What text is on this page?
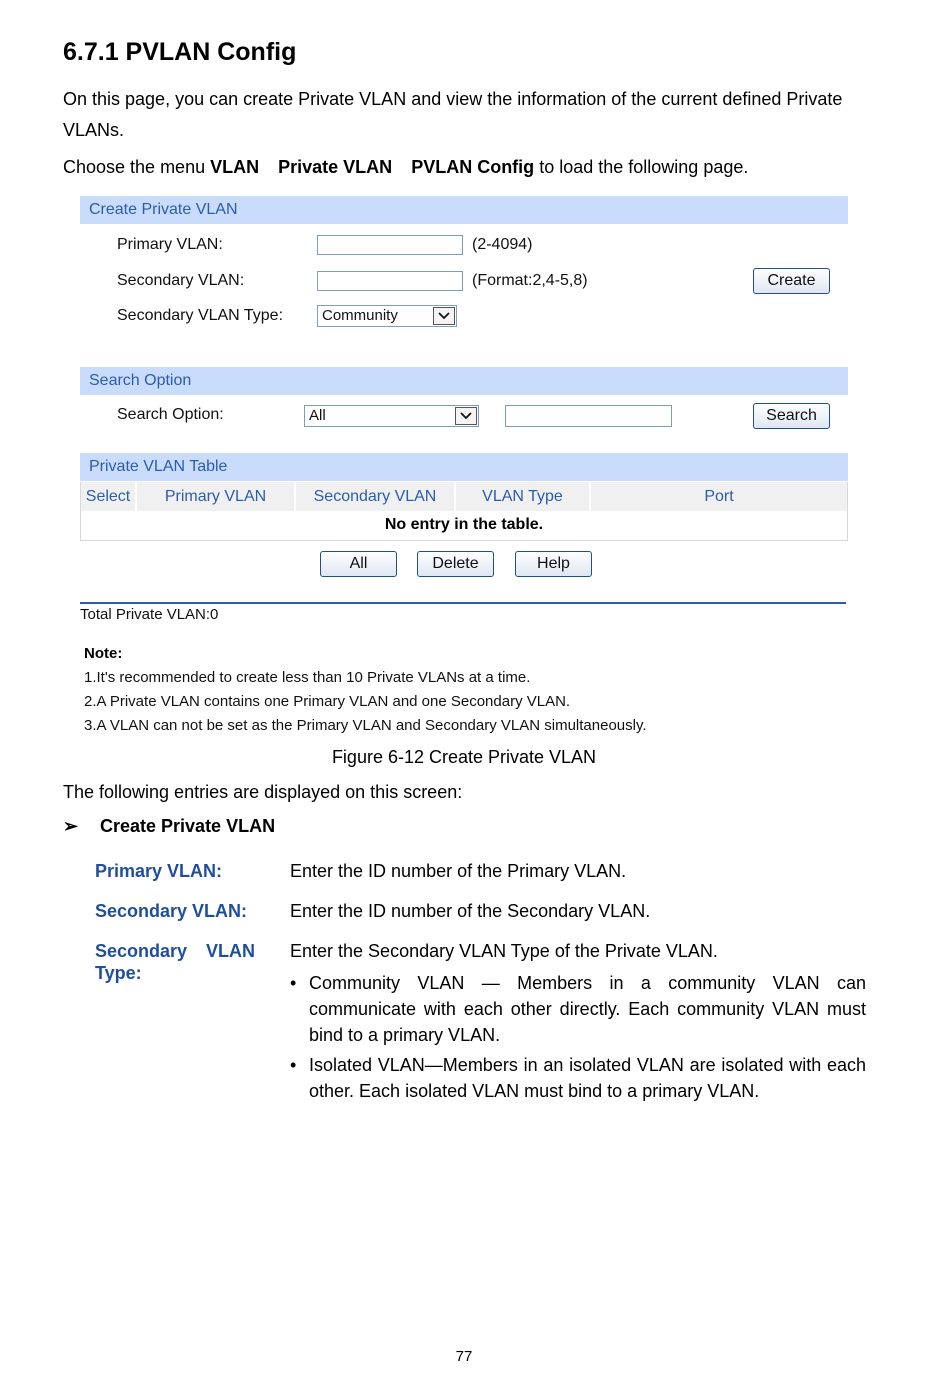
6.7.1 PVLAN Config
On this page, you can create Private VLAN and view the information of the current defined Private VLANs.
Choose the menu VLAN Private VLAN PVLAN Config to load the following page.
Create Private VLAN
Primary VLAN:	(2-4094)
Secondary VLAN:	(Format:2,4-5,8)
Secondary VLAN Type:	Community
Create
Search Option
Search Option:	All	Search
Private VLAN Table
Select	Primary VLAN	Secondary VLAN	VLAN Type	Port
No entry in the table.
All	Delete	Help
Total Private VLAN:0
Note:
1.It's recommended to create less than 10 Private VLANs at a time.
2.A Private VLAN contains one Primary VLAN and one Secondary VLAN.
3.A VLAN can not be set as the Primary VLAN and Secondary VLAN simultaneously.
Figure 6-12 Create Private VLAN
The following entries are displayed on this screen:
➢ Create Private VLAN
Primary VLAN:	Enter the ID number of the Primary VLAN.
Secondary VLAN:	Enter the ID number of the Secondary VLAN.
Secondary VLAN Type:
Enter the Secondary VLAN Type of the Private VLAN.
• Community VLAN — Members in a community VLAN can communicate with each other directly. Each community VLAN must bind to a primary VLAN.
• Isolated VLAN—Members in an isolated VLAN are isolated with each other. Each isolated VLAN must bind to a primary VLAN.
77
